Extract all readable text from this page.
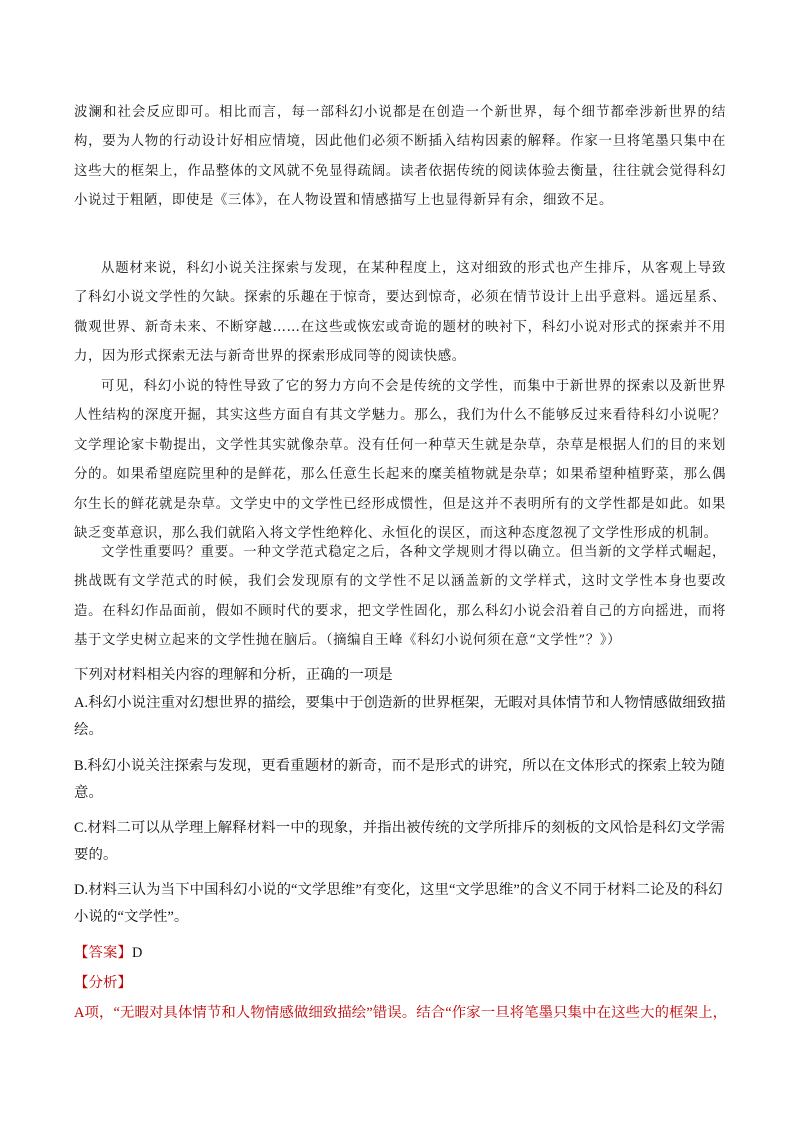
波澜和社会反应即可。相比而言，每一部科幻小说都是在创造一个新世界，每个细节都牵涉新世界的结构，要为人物的行动设计好相应情境，因此他们必须不断插入结构因素的解释。作家一旦将笔墨只集中在这些大的框架上，作品整体的文风就不免显得疏阔。读者依据传统的阅读体验去衡量，往往就会觉得科幻小说过于粗陋，即使是《三体》，在人物设置和情感描写上也显得新异有余，细致不足。

从题材来说，科幻小说关注探索与发现，在某种程度上，这对细致的形式也产生排斥，从客观上导致了科幻小说文学性的欠缺。探索的乐趣在于惊奇，要达到惊奇，必须在情节设计上出乎意料。遥远星系、微观世界、新奇未来、不断穿越……在这些或恢宏或奇诡的题材的映衬下，科幻小说对形式的探索并不用力，因为形式探索无法与新奇世界的探索形成同等的阅读快感。

可见，科幻小说的特性导致了它的努力方向不会是传统的文学性，而集中于新世界的探索以及新世界人性结构的深度开掘，其实这些方面自有其文学魅力。那么，我们为什么不能够反过来看待科幻小说呢？文学理论家卡勒提出，文学性其实就像杂草。没有任何一种草天生就是杂草，杂草是根据人们的目的来划分的。如果希望庭院里种的是鲜花，那么任意生长起来的糜美植物就是杂草；如果希望种植野菜，那么偶尔生长的鲜花就是杂草。文学史中的文学性已经形成惯性，但是这并不表明所有的文学性都是如此。如果缺乏变革意识，那么我们就陷入将文学性绝粹化、永恒化的误区，而这种态度忽视了文学性形成的机制。

文学性重要吗？重要。一种文学范式稳定之后，各种文学规则才得以确立。但当新的文学样式崛起，挑战既有文学范式的时候，我们会发现原有的文学性不足以涵盖新的文学样式，这时文学性本身也要改造。在科幻作品面前，假如不顾时代的要求，把文学性固化，那么科幻小说会沿着自己的方向摇进，而将基于文学史树立起来的文学性抛在脑后。（摘编自王峰《科幻小说何须在意“文学性”？》）

下列对材料相关内容的理解和分析，正确的一项是

A.科幻小说注重对幻想世界的描绘，要集中于创造新的世界框架，无暇对具体情节和人物情感做细致描绘。

B.科幻小说关注探索与发现，更看重题材的新奇，而不是形式的讲究，所以在文体形式的探索上较为随意。

C.材料二可以从学理上解释材料一中的现象，并指出被传统的文学所排斥的刻板的文风恰是科幻文学需要的。

D.材料三认为当下中国科幻小说的“文学思维”有变化，这里“文学思维”的含义不同于材料二论及的科幻小说的“文学性”。

【答案】D

【分析】

A项，“无暇对具体情节和人物情感做细致描绘”错误。结合“作家一旦将笔墨只集中在这些大的框架上，
